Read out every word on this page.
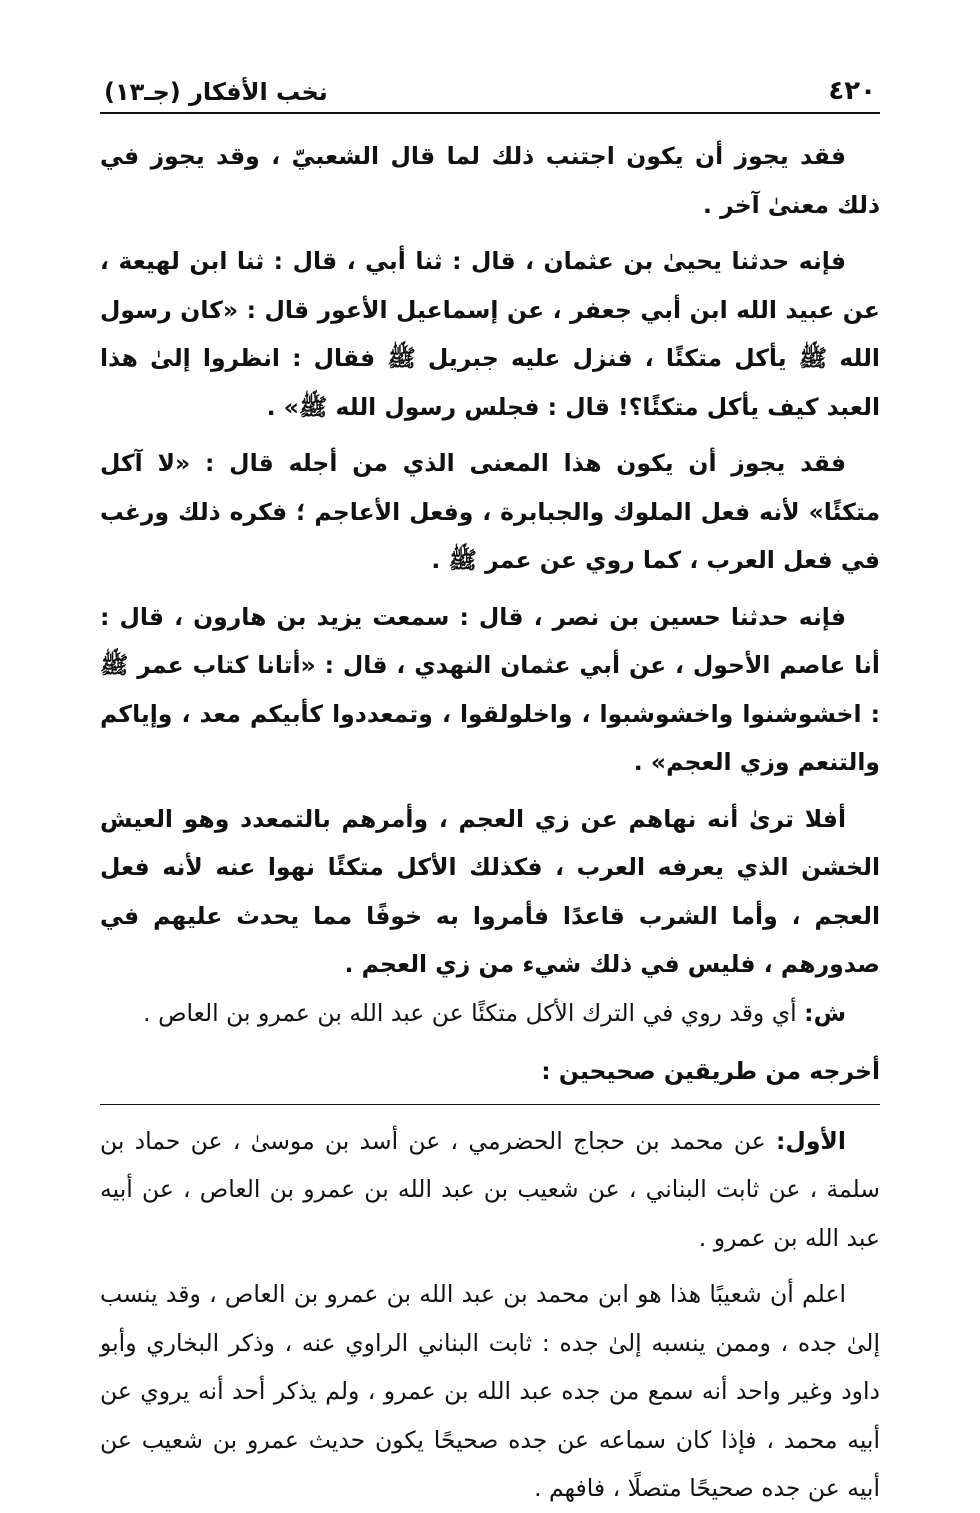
٤٢٠
نخب الأفكار (جـ١٣)

فقد يجوز أن يكون اجتنب ذلك لما قال الشعبيّ ، وقد يجوز في ذلك معنىٰ آخر .

فإنه حدثنا يحيىٰ بن عثمان ، قال : ثنا أبي ، قال : ثنا ابن لهيعة ، عن عبيد الله ابن أبي جعفر ، عن إسماعيل الأعور قال : «كان رسول الله ﷺ يأكل متكئًا ، فنزل عليه جبريل ﷺ فقال : انظروا إلىٰ هذا العبد كيف يأكل متكئًا؟! قال : فجلس رسول الله ﷺ» .

فقد يجوز أن يكون هذا المعنى الذي من أجله قال : «لا آكل متكئًا» لأنه فعل الملوك والجبابرة ، وفعل الأعاجم ؛ فكره ذلك ورغب في فعل العرب ، كما روي عن عمر ﷺ .

فإنه حدثنا حسين بن نصر ، قال : سمعت يزيد بن هارون ، قال : أنا عاصم الأحول ، عن أبي عثمان النهدي ، قال : «أتانا كتاب عمر ﷺ : اخشوشنوا واخشوشبوا ، واخلولقوا ، وتمعددوا كأبيكم معد ، وإياكم والتنعم وزي العجم» .

أفلا ترىٰ أنه نهاهم عن زي العجم ، وأمرهم بالتمعدد وهو العيش الخشن الذي يعرفه العرب ، فكذلك الأكل متكئًا نهوا عنه لأنه فعل العجم ، وأما الشرب قاعدًا فأمروا به خوفًا مما يحدث عليهم في صدورهم ، فليس في ذلك شيء من زي العجم .

ش: أي وقد روي في الترك الأكل متكئًا عن عبد الله بن عمرو بن العاص .

أخرجه من طريقين صحيحين :

الأول: عن محمد بن حجاج الحضرمي ، عن أسد بن موسىٰ ، عن حماد بن سلمة ، عن ثابت البناني ، عن شعيب بن عبد الله بن عمرو بن العاص ، عن أبيه عبد الله بن عمرو .

اعلم أن شعيبًا هذا هو ابن محمد بن عبد الله بن عمرو بن العاص ، وقد ينسب إلىٰ جده ، وممن ينسبه إلىٰ جده : ثابت البناني الراوي عنه ، وذكر البخاري وأبو داود وغير واحد أنه سمع من جده عبد الله بن عمرو ، ولم يذكر أحد أنه يروي عن أبيه محمد ، فإذا كان سماعه عن جده صحيحًا يكون حديث عمرو بن شعيب عن أبيه عن جده صحيحًا متصلًا ، فافهم .
